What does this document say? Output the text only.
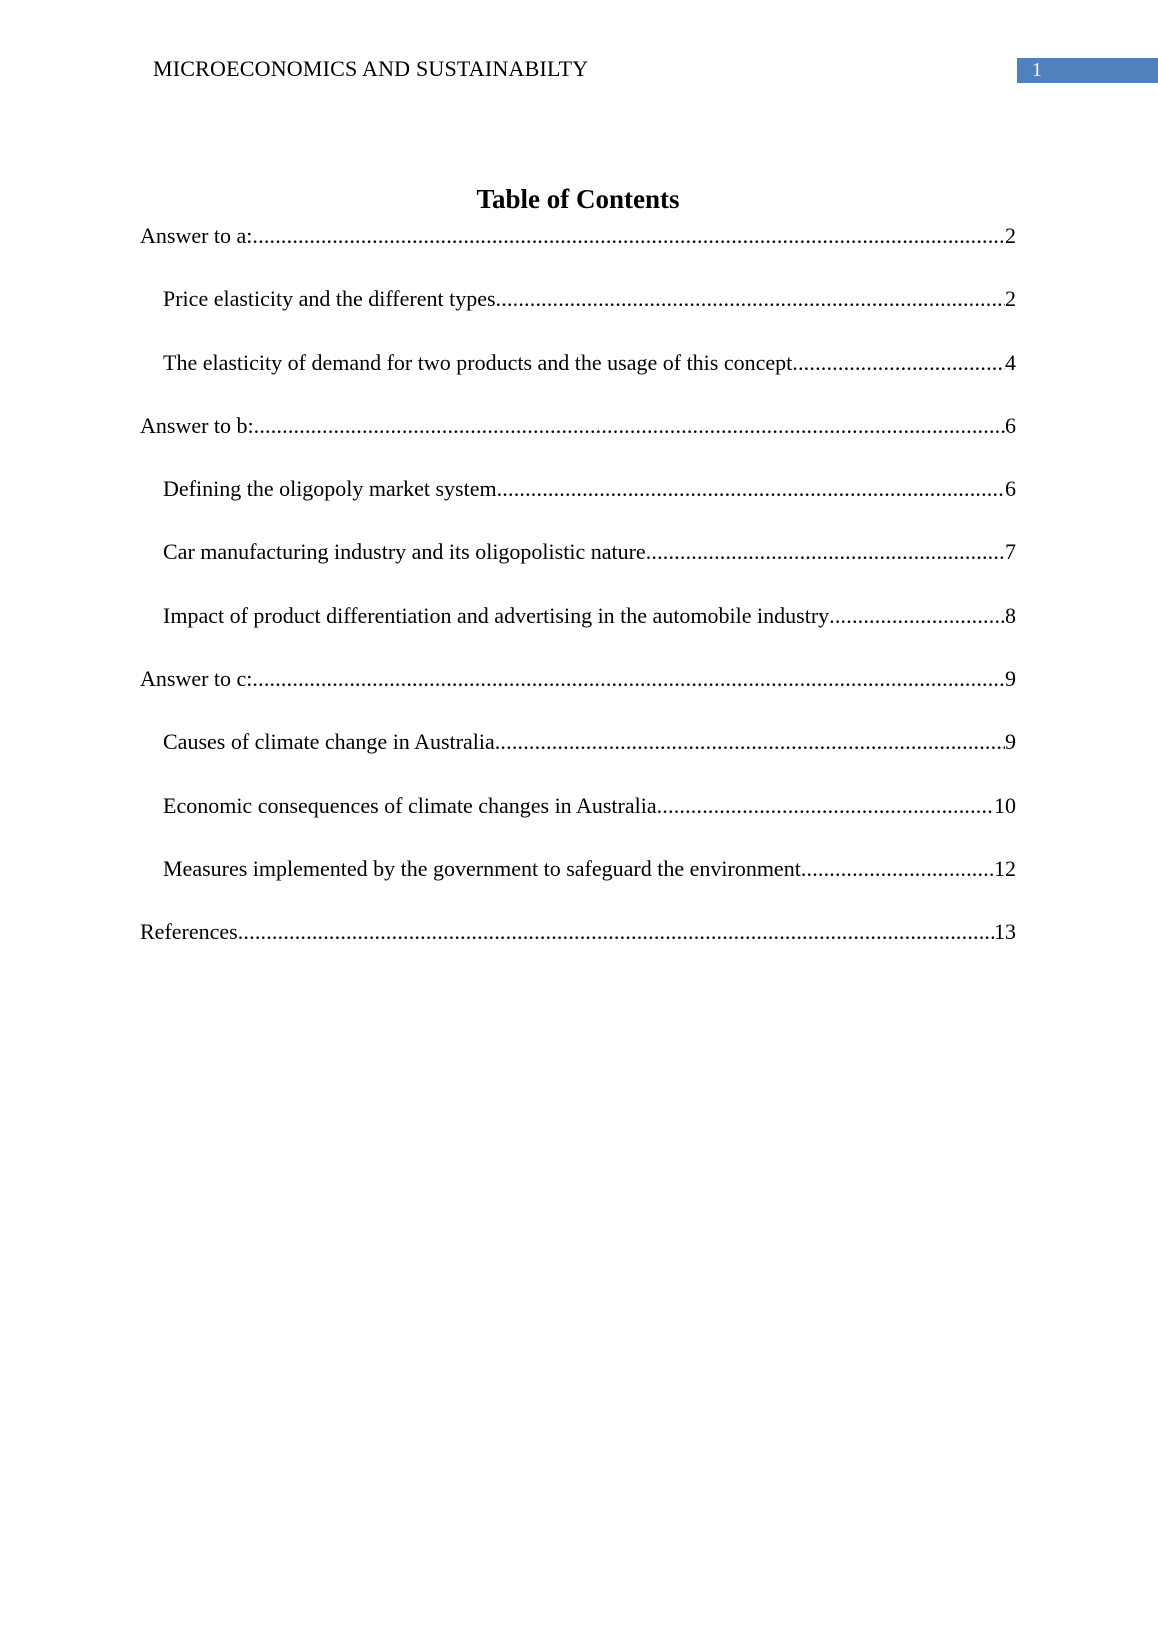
MICROECONOMICS AND SUSTAINABILTY	1
Table of Contents
Answer to a: .....	2
Price elasticity and the different types .....	2
The elasticity of demand for two products and the usage of this concept .....	4
Answer to b: .....	6
Defining the oligopoly market system .....	6
Car manufacturing industry and its oligopolistic nature .....	7
Impact of product differentiation and advertising in the automobile industry .....	8
Answer to c: .....	9
Causes of climate change in Australia .....	9
Economic consequences of climate changes in Australia .....	10
Measures implemented by the government to safeguard the environment .....	12
References .....	13
